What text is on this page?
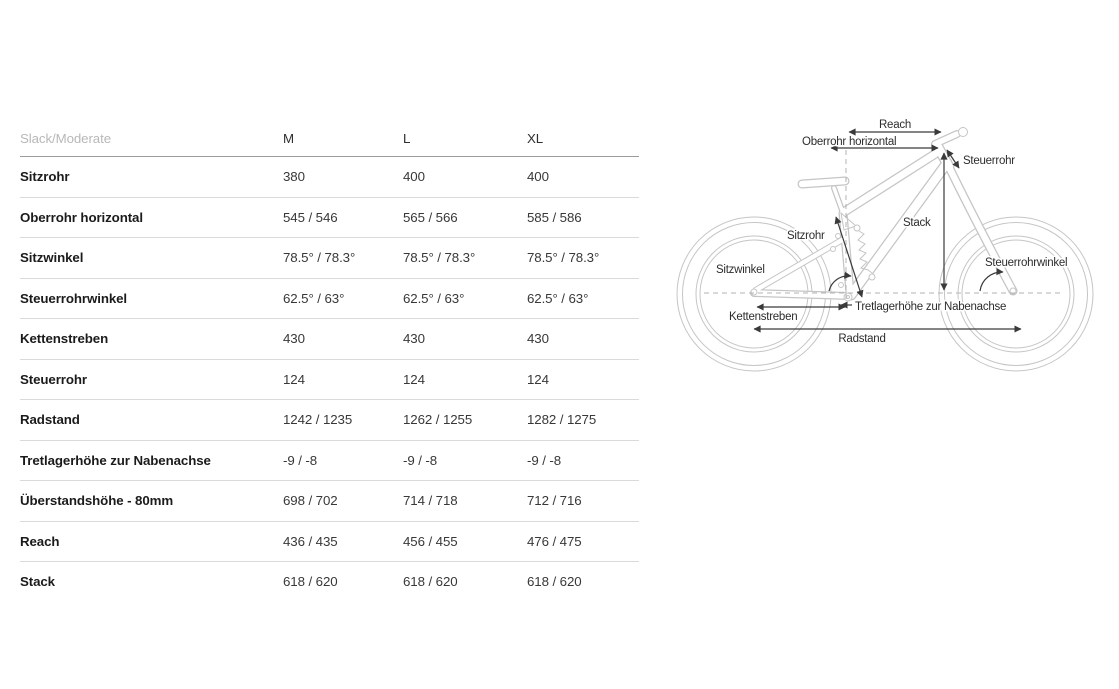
Slack/Moderate	M	L	XL
Sitzrohr	380	400	400
Oberrohr horizontal	545 / 546	565 / 566	585 / 586
Sitzwinkel	78.5° / 78.3°	78.5° / 78.3°	78.5° / 78.3°
Steuerrohrwinkel	62.5° / 63°	62.5° / 63°	62.5° / 63°
Kettenstreben	430	430	430
Steuerrohr	124	124	124
Radstand	1242 / 1235	1262 / 1255	1282 / 1275
Tretlagerhöhe zur Nabenachse	-9 / -8	-9 / -8	-9 / -8
Überstandshöhe - 80mm	698 / 702	714 / 718	712 / 716
Reach	436 / 435	456 / 455	476 / 475
Stack	618 / 620	618 / 620	618 / 620
Reach
Oberrohr horizontal
Steuerrohr
Stack
Sitzrohr
Sitzwinkel
Steuerrohrwinkel
Kettenstreben
Tretlagerhöhe zur Nabenachse
Radstand
